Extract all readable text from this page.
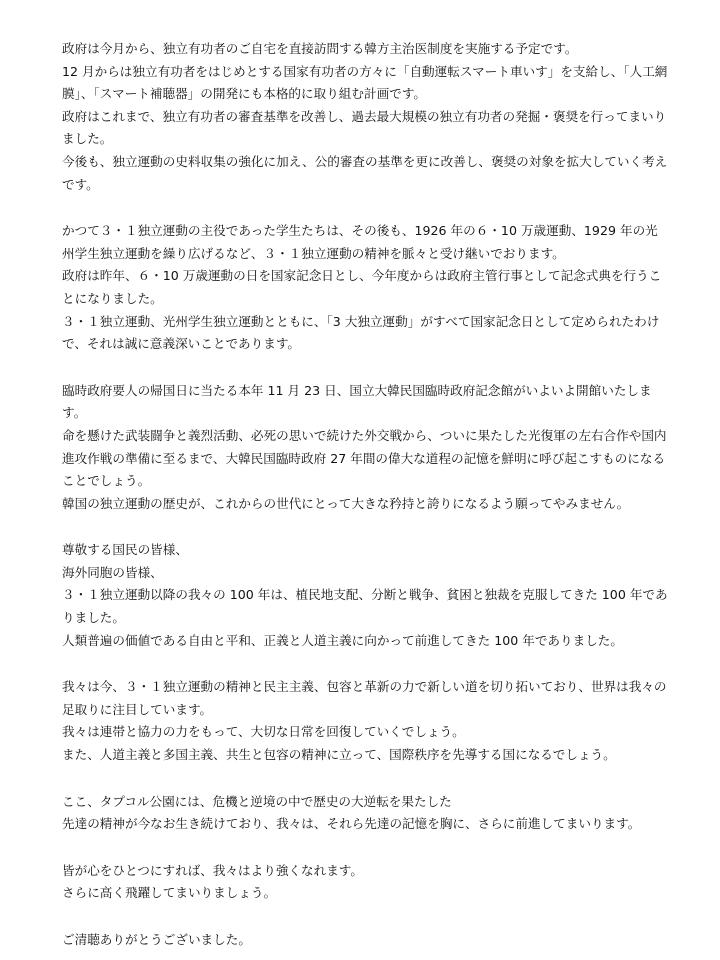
政府は今月から、独立有功者のご自宅を直接訪問する韓方主治医制度を実施する予定です。

12 月からは独立有功者をはじめとする国家有功者の方々に「自動運転スマート車いす」を支給し、「人工網膜」、「スマート補聴器」の開発にも本格的に取り組む計画です。

政府はこれまで、独立有功者の審査基準を改善し、過去最大規模の独立有功者の発掘・褒奨を行ってまいりました。

今後も、独立運動の史料収集の強化に加え、公的審査の基準を更に改善し、褒奨の対象を拡大していく考えです。

かつて３・１独立運動の主役であった学生たちは、その後も、1926 年の６・10 万歳運動、1929 年の光州学生独立運動を繰り広げるなど、３・１独立運動の精神を脈々と受け継いでおります。

政府は昨年、６・10 万歳運動の日を国家記念日とし、今年度からは政府主管行事として記念式典を行うことになりました。

３・１独立運動、光州学生独立運動とともに、「3 大独立運動」がすべて国家記念日として定められたわけで、それは誠に意義深いことであります。

臨時政府要人の帰国日に当たる本年 11 月 23 日、国立大韓民国臨時政府記念館がいよいよ開館いたします。

命を懸けた武装闘争と義烈活動、必死の思いで続けた外交戦から、ついに果たした光復軍の左右合作や国内進攻作戦の準備に至るまで、大韓民国臨時政府 27 年間の偉大な道程の記憶を鮮明に呼び起こすものになることでしょう。

韓国の独立運動の歴史が、これからの世代にとって大きな矜持と誇りになるよう願ってやみません。

尊敬する国民の皆様、

海外同胞の皆様、

３・１独立運動以降の我々の 100 年は、植民地支配、分断と戦争、貧困と独裁を克服してきた 100 年でありました。

人類普遍の価値である自由と平和、正義と人道主義に向かって前進してきた 100 年でありました。

我々は今、３・１独立運動の精神と民主主義、包容と革新の力で新しい道を切り拓いており、世界は我々の足取りに注目しています。

我々は連帯と協力の力をもって、大切な日常を回復していくでしょう。

また、人道主義と多国主義、共生と包容の精神に立って、国際秩序を先導する国になるでしょう。

ここ、タプコル公園には、危機と逆境の中で歴史の大逆転を果たした

先達の精神が今なお生き続けており、我々は、それら先達の記憶を胸に、さらに前進してまいります。

皆が心をひとつにすれば、我々はより強くなれます。

さらに高く飛躍してまいりましょう。

ご清聴ありがとうございました。
